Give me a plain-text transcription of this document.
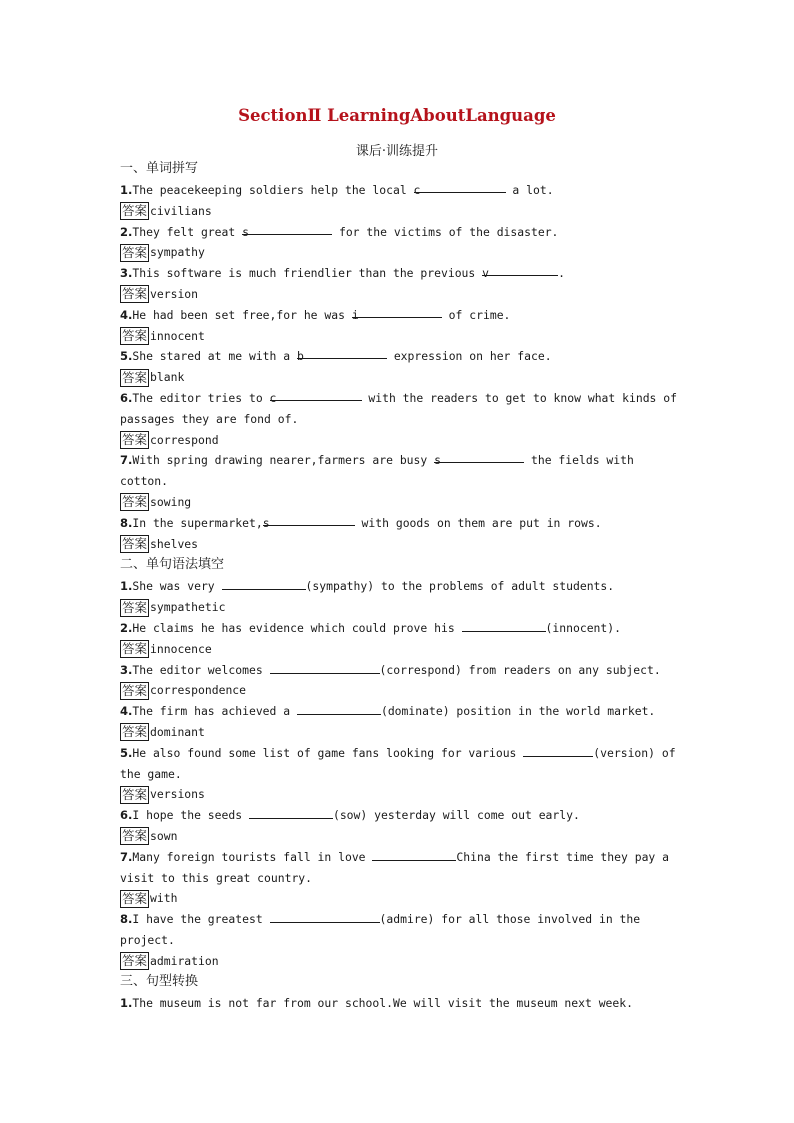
SectionⅡ LearningAboutLanguage
课后·训练提升
一、单词拼写
1.The peacekeeping soldiers help the local c	a lot.
答案 civilians
2.They felt great s	for the victims of the disaster.
答案 sympathy
3.This software is much friendlier than the previous v	.
答案 version
4.He had been set free,for he was i	of crime.
答案 innocent
5.She stared at me with a b	expression on her face.
答案 blank
6.The editor tries to c	with the readers to get to know what kinds of passages they are fond of.
答案 correspond
7.With spring drawing nearer,farmers are busy s	the fields with cotton.
答案 sowing
8.In the supermarket,s	with goods on them are put in rows.
答案 shelves
二、单句语法填空
1.She was very	(sympathy) to the problems of adult students.
答案 sympathetic
2.He claims he has evidence which could prove his	(innocent).
答案 innocence
3.The editor welcomes	(correspond) from readers on any subject.
答案 correspondence
4.The firm has achieved a	(dominate) position in the world market.
答案 dominant
5.He also found some list of game fans looking for various	(version) of the game.
答案 versions
6.I hope the seeds	(sow) yesterday will come out early.
答案 sown
7.Many foreign tourists fall in love	China the first time they pay a visit to this great country.
答案 with
8.I have the greatest	(admire) for all those involved in the project.
答案 admiration
三、句型转换
1.The museum is not far from our school.We will visit the museum next week.
